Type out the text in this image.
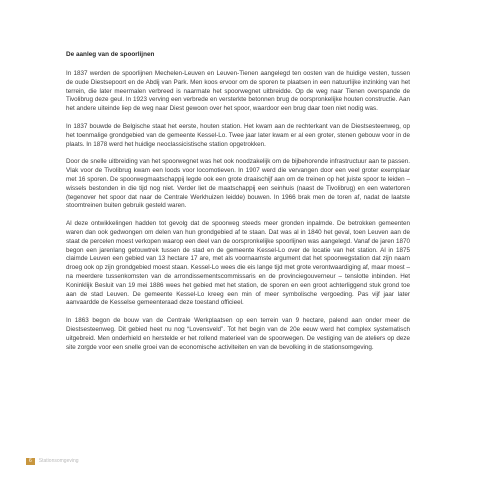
De aanleg van de spoorlijnen

In 1837 werden de spoorlijnen Mechelen-Leuven en Leuven-Tienen aangelegd ten oosten van de huidige vesten, tussen de oude Diestsepoort en de Abdij van Park. Men koos ervoor om de sporen te plaatsen in een natuurlijke inzinking van het terrein, die later meermalen verbreed is naarmate het spoorwegnet uitbreidde. Op de weg naar Tienen overspande de Tivolibrug deze geul. In 1923 verving een verbrede en versterkte betonnen brug de oorspronkelijke houten constructie. Aan het andere uiteinde liep de weg naar Diest gewoon over het spoor, waardoor een brug daar toen niet nodig was.

In 1837 bouwde de Belgische staat het eerste, houten station. Het kwam aan de rechterkant van de Diestsesteenweg, op het toenmalige grondgebied van de gemeente Kessel-Lo. Twee jaar later kwam er al een groter, stenen gebouw voor in de plaats. In 1878 werd het huidige neoclassicistische station opgetrokken.

Door de snelle uitbreiding van het spoorwegnet was het ook noodzakelijk om de bijbehorende infrastructuur aan te passen. Vlak voor de Tivolibrug kwam een loods voor locomotieven. In 1907 werd die vervangen door een veel groter exemplaar met 16 sporen. De spoorwegmaatschappij legde ook een grote draaischijf aan om de treinen op het juiste spoor te leiden – wissels bestonden in die tijd nog niet. Verder liet de maatschappij een seinhuis (naast de Tivolibrug) en een watertoren (tegenover het spoor dat naar de Centrale Werkhuizen leidde) bouwen. In 1966 brak men de toren af, nadat de laatste stoomtreinen buiten gebruik gesteld waren.

Al deze ontwikkelingen hadden tot gevolg dat de spoorweg steeds meer gronden inpalmde. De betrokken gemeenten waren dan ook gedwongen om delen van hun grondgebied af te staan. Dat was al in 1840 het geval, toen Leuven aan de staat de percelen moest verkopen waarop een deel van de oorspronkelijke spoorlijnen was aangelegd. Vanaf de jaren 1870 begon een jarenlang getouwtrek tussen de stad en de gemeente Kessel-Lo over de locatie van het station. Al in 1875 claimde Leuven een gebied van 13 hectare 17 are, met als voornaamste argument dat het spoorwegstation dat zijn naam droeg ook op zijn grondgebied moest staan. Kessel-Lo wees die eis lange tijd met grote verontwaardiging af, maar moest – na meerdere tussenkomsten van de arrondissementscommissaris en de provinciegouverneur – tenslotte inbinden. Het Koninklijk Besluit van 19 mei 1886 wees het gebied met het station, de sporen en een groot achterliggend stuk grond toe aan de stad Leuven. De gemeente Kessel-Lo kreeg een min of meer symbolische vergoeding. Pas vijf jaar later aanvaardde de Kesselse gemeenteraad deze toestand officieel.

In 1863 begon de bouw van de Centrale Werkplaatsen op een terrein van 9 hectare, palend aan onder meer de Diestsesteenweg. Dit gebied heet nu nog “Lovensveld”. Tot het begin van de 20e eeuw werd het complex systematisch uitgebreid. Men onderhield en herstelde er het rollend materieel van de spoorwegen. De vestiging van de ateliers op deze site zorgde voor een snelle groei van de economische activiteiten en van de bevolking in de stationsomgeving.

6	Stationsomgeving
